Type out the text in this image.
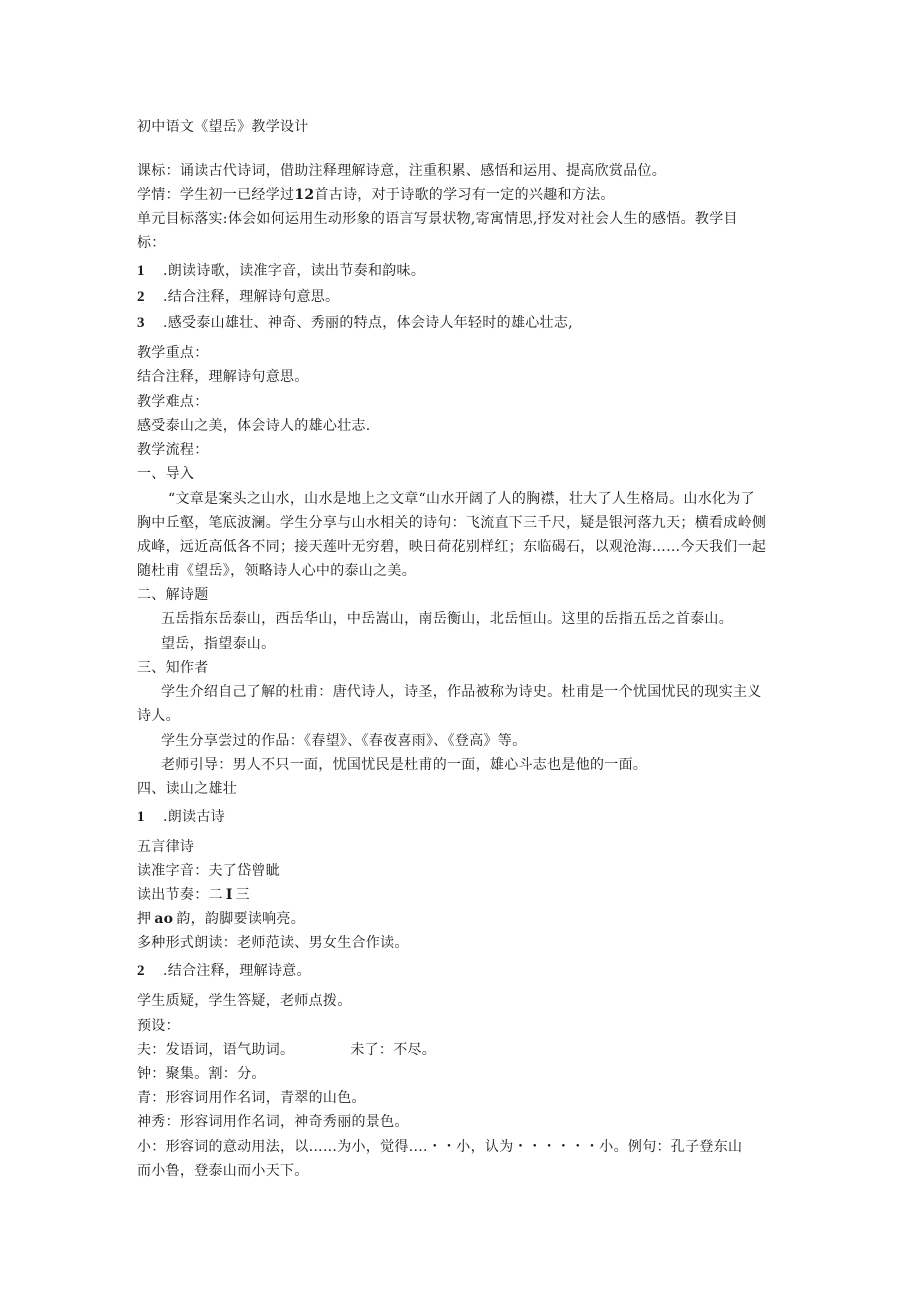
初中语文《望岳》教学设计
课标：诵读古代诗词，借助注释理解诗意，注重积累、感悟和运用、提高欣赏品位。
学情：学生初一已经学过12首古诗，对于诗歌的学习有一定的兴趣和方法。
单元目标落实:体会如何运用生动形象的语言写景状物,寄寓情思,抒发对社会人生的感悟。教学目
标：
1 .朗读诗歌，读准字音，读出节奏和韵味。
2 .结合注释，理解诗句意思。
3 .感受泰山雄壮、神奇、秀丽的特点，体会诗人年轻时的雄心壮志,
教学重点：
结合注释，理解诗句意思。
教学难点：
感受泰山之美，体会诗人的雄心壮志.
教学流程：
一、导入
“文章是案头之山水，山水是地上之文章“山水开阔了人的胸襟，壮大了人生格局。山水化为了
胸中丘壑，笔底波澜。学生分享与山水相关的诗句：飞流直下三千尺，疑是银河落九天；横看成岭侧
成峰，远近高低各不同；接天莲叶无穷碧，映日荷花别样红；东临碣石，以观沧海……今天我们一起
随杜甫《望岳》，领略诗人心中的泰山之美。
二、解诗题
五岳指东岳泰山，西岳华山，中岳嵩山，南岳衡山，北岳恒山。这里的岳指五岳之首泰山。
望岳，指望泰山。
三、知作者
学生介绍自己了解的杜甫：唐代诗人，诗圣，作品被称为诗史。杜甫是一个忧国忧民的现实主义
诗人。
学生分享尝过的作品：《春望》、《春夜喜雨》、《登高》等。
老师引导：男人不只一面，忧国忧民是杜甫的一面，雄心斗志也是他的一面。
四、读山之雄壮
1 .朗读古诗
五言律诗
读准字音：夫了岱曾眦
读出节奏：二 I 三
押 ao 韵，韵脚要读响亮。
多种形式朗读：老师范读、男女生合作读。
2 .结合注释，理解诗意。
学生质疑，学生答疑，老师点拨。
预设：
夫：发语词，语气助词。	未了：不尽。
钟：聚集。割：分。
青：形容词用作名词，青翠的山色。
神秀：形容词用作名词，神奇秀丽的景色。
小：形容词的意动用法，以……为小，觉得....・・小，认为・・・・・・小。例句：孔子登东山
而小鲁，登泰山而小天下。
